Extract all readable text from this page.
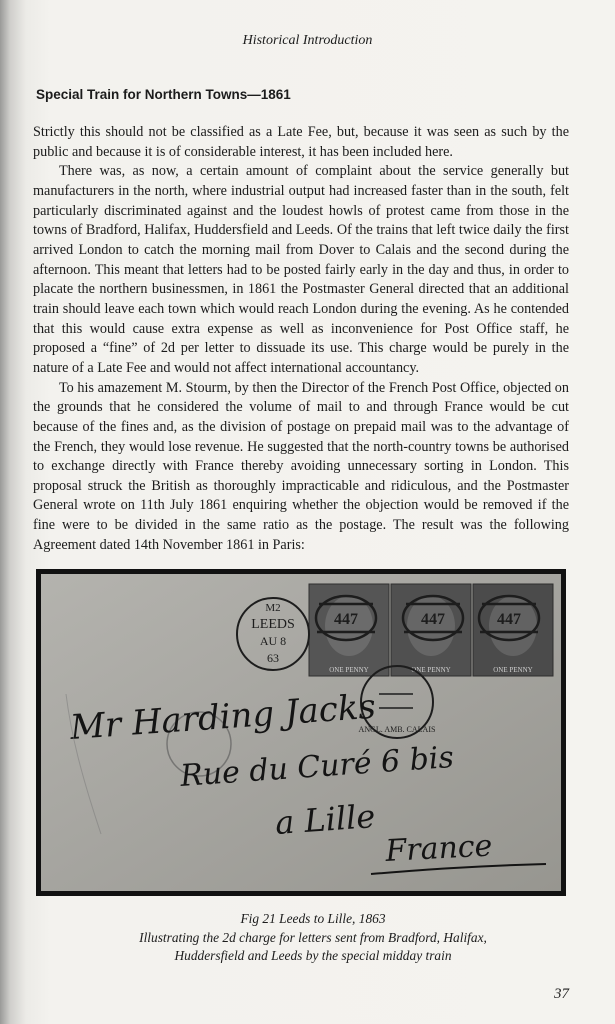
Historical Introduction
Special Train for Northern Towns—1861

Strictly this should not be classified as a Late Fee, but, because it was seen as such by the public and because it is of considerable interest, it has been included here.

There was, as now, a certain amount of complaint about the service generally but manufacturers in the north, where industrial output had increased faster than in the south, felt particularly discriminated against and the loudest howls of protest came from those in the towns of Bradford, Halifax, Huddersfield and Leeds. Of the trains that left twice daily the first arrived London to catch the morning mail from Dover to Calais and the second during the afternoon. This meant that letters had to be posted fairly early in the day and thus, in order to placate the northern businessmen, in 1861 the Postmaster General directed that an additional train should leave each town which would reach London during the evening. As he contended that this would cause extra expense as well as inconvenience for Post Office staff, he proposed a “fine” of 2d per letter to dissuade its use. This charge would be purely in the nature of a Late Fee and would not affect international accountancy.

To his amazement M. Stourm, by then the Director of the French Post Office, objected on the grounds that he considered the volume of mail to and through France would be cut because of the fines and, as the division of postage on prepaid mail was to the advantage of the French, they would lose revenue. He suggested that the north-country towns be authorised to exchange directly with France thereby avoiding unnecessary sorting in London. This proposal struck the British as thoroughly impracticable and ridiculous, and the Postmaster General wrote on 11th July 1861 enquiring whether the objection would be removed if the fine were to be divided in the same ratio as the postage. The result was the following Agreement dated 14th November 1861 in Paris:

ONE PENNY	ONE PENNY	ONE PENNY
447	447	447
M2
LEEDS
AU 8
63
ANGL. AMB. CALAIS
Mr Harding Jacks
Rue du Curé 6 bis
a Lille
France
Fig 21 Leeds to Lille, 1863
Illustrating the 2d charge for letters sent from Bradford, Halifax,
Huddersfield and Leeds by the special midday train
37
